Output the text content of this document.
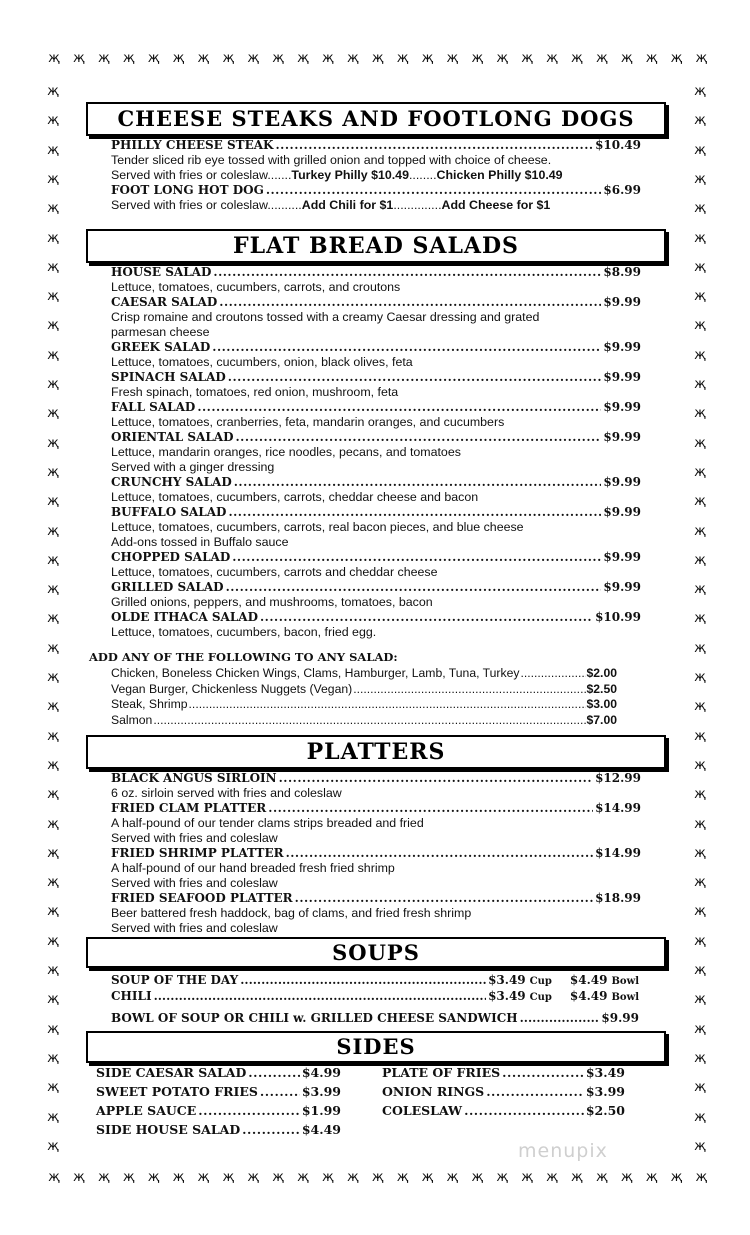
җ
җ
җ
җ
җ
җ
җ
җ
җ
җ
җ
җ
җ
җ
җ
җ
җ
җ
җ
җ
җ
җ
җ
җ
җ
җ
җ
җ
җ
җ
җ
җ
җ
җ
җ
җ
җ
җ
җ
җ
җ
җ
җ
җ
җ
җ
җ
җ
җ
җ
җ
җ
җ
җ
җ	җ
җ	җ
җ	җ
җ	җ
җ	җ
җ	җ
җ	җ
җ	җ
җ	җ
җ	җ
җ	җ
җ	җ
җ	җ
җ	җ
җ	җ
җ	җ
җ	җ
җ	җ
җ	җ
җ	җ
җ	җ
җ	җ
җ	җ
җ	җ
җ	җ
җ	җ
җ	җ
җ	җ
җ	җ
җ	җ
җ	җ
җ	җ
җ	җ
җ	җ
җ	җ
җ	җ
җ	җ
CHEESE STEAKS AND FOOTLONG DOGS
PHILLY CHEESE STEAK .....	$10.49
Tender sliced rib eye tossed with grilled onion and topped with choice of cheese.
Served with fries or coleslaw.......Turkey Philly $10.49........Chicken Philly $10.49
FOOT LONG HOT DOG .....	$6.99
Served with fries or coleslaw..........Add Chili for $1..............Add Cheese for $1
FLAT BREAD SALADS
HOUSE SALAD .....	$8.99
Lettuce, tomatoes, cucumbers, carrots, and croutons
CAESAR SALAD .....	$9.99
Crisp romaine and croutons tossed with a creamy Caesar dressing and grated
parmesan cheese
GREEK SALAD .....	$9.99
Lettuce, tomatoes, cucumbers, onion, black olives, feta
SPINACH SALAD .....	$9.99
Fresh spinach, tomatoes, red onion, mushroom, feta
FALL SALAD .....	$9.99
Lettuce, tomatoes, cranberries, feta, mandarin oranges, and cucumbers
ORIENTAL SALAD .....	$9.99
Lettuce, mandarin oranges, rice noodles, pecans, and tomatoes
Served with a ginger dressing
CRUNCHY SALAD .....	$9.99
Lettuce, tomatoes, cucumbers, carrots, cheddar cheese and bacon
BUFFALO SALAD .....	$9.99
Lettuce, tomatoes, cucumbers, carrots, real bacon pieces, and blue cheese
Add-ons tossed in Buffalo sauce
CHOPPED SALAD .....	$9.99
Lettuce, tomatoes, cucumbers, carrots and cheddar cheese
GRILLED SALAD .....	$9.99
Grilled onions, peppers, and mushrooms, tomatoes, bacon
OLDE ITHACA SALAD .....	$10.99
Lettuce, tomatoes, cucumbers, bacon, fried egg.
ADD ANY OF THE FOLLOWING TO ANY SALAD:
Chicken, Boneless Chicken Wings, Clams, Hamburger, Lamb, Tuna, Turkey .....	$2.00
Vegan Burger, Chickenless Nuggets (Vegan) .....	$2.50
Steak, Shrimp .....	$3.00
Salmon .....	$7.00
PLATTERS
BLACK ANGUS SIRLOIN .....	$12.99
6 oz. sirloin served with fries and coleslaw
FRIED CLAM PLATTER .....	$14.99
A half-pound of our tender clams strips breaded and fried
Served with fries and coleslaw
FRIED SHRIMP PLATTER .....	$14.99
A half-pound of our hand breaded fresh fried shrimp
Served with fries and coleslaw
FRIED SEAFOOD PLATTER .....	$18.99
Beer battered fresh haddock, bag of clams, and fried fresh shrimp
Served with fries and coleslaw
SOUPS
SOUP OF THE DAY .....	$3.49 Cup $4.49 Bowl
CHILI .....	$3.49 Cup $4.49 Bowl
BOWL OF SOUP OR CHILI w. GRILLED CHEESE SANDWICH .....	$9.99
SIDES
SIDE CAESAR SALAD .....	$4.99
SWEET POTATO FRIES .....	$3.99
APPLE SAUCE .....	$1.99
SIDE HOUSE SALAD .....	$4.49
PLATE OF FRIES .....	$3.49
ONION RINGS .....	$3.99
COLESLAW .....	$2.50
menupix
